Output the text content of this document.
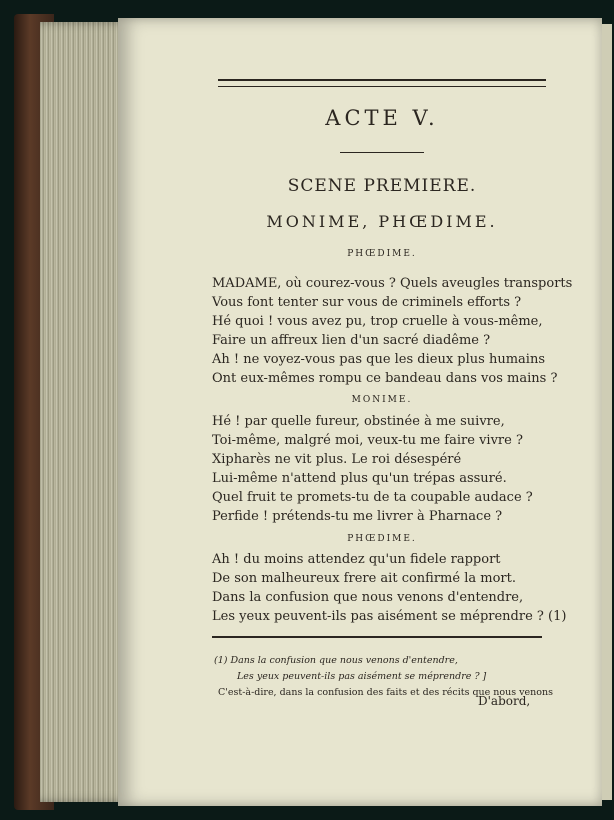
ACTE V.
SCENE PREMIERE.
MONIME, PHŒDIME.
PHŒDIME.
MADAME, où courez-vous ? Quels aveugles transports
Vous font tenter sur vous de criminels efforts ?
Hé quoi ! vous avez pu, trop cruelle à vous-même,
Faire un affreux lien d'un sacré diadême ?
Ah ! ne voyez-vous pas que les dieux plus humains
Ont eux-mêmes rompu ce bandeau dans vos mains ?
MONIME.
Hé ! par quelle fureur, obstinée à me suivre,
Toi-même, malgré moi, veux-tu me faire vivre ?
Xipharès ne vit plus. Le roi désespéré
Lui-même n'attend plus qu'un trépas assuré.
Quel fruit te promets-tu de ta coupable audace ?
Perfide ! prétends-tu me livrer à Pharnace ?
PHŒDIME.
Ah ! du moins attendez qu'un fidele rapport
De son malheureux frere ait confirmé la mort.
Dans la confusion que nous venons d'entendre,
Les yeux peuvent-ils pas aisément se méprendre ? (1)
(1) Dans la confusion que nous venons d'entendre,
Les yeux peuvent-ils pas aisément se méprendre ? ]
C'est-à-dire, dans la confusion des faits et des récits que nous venons
D'abord,
